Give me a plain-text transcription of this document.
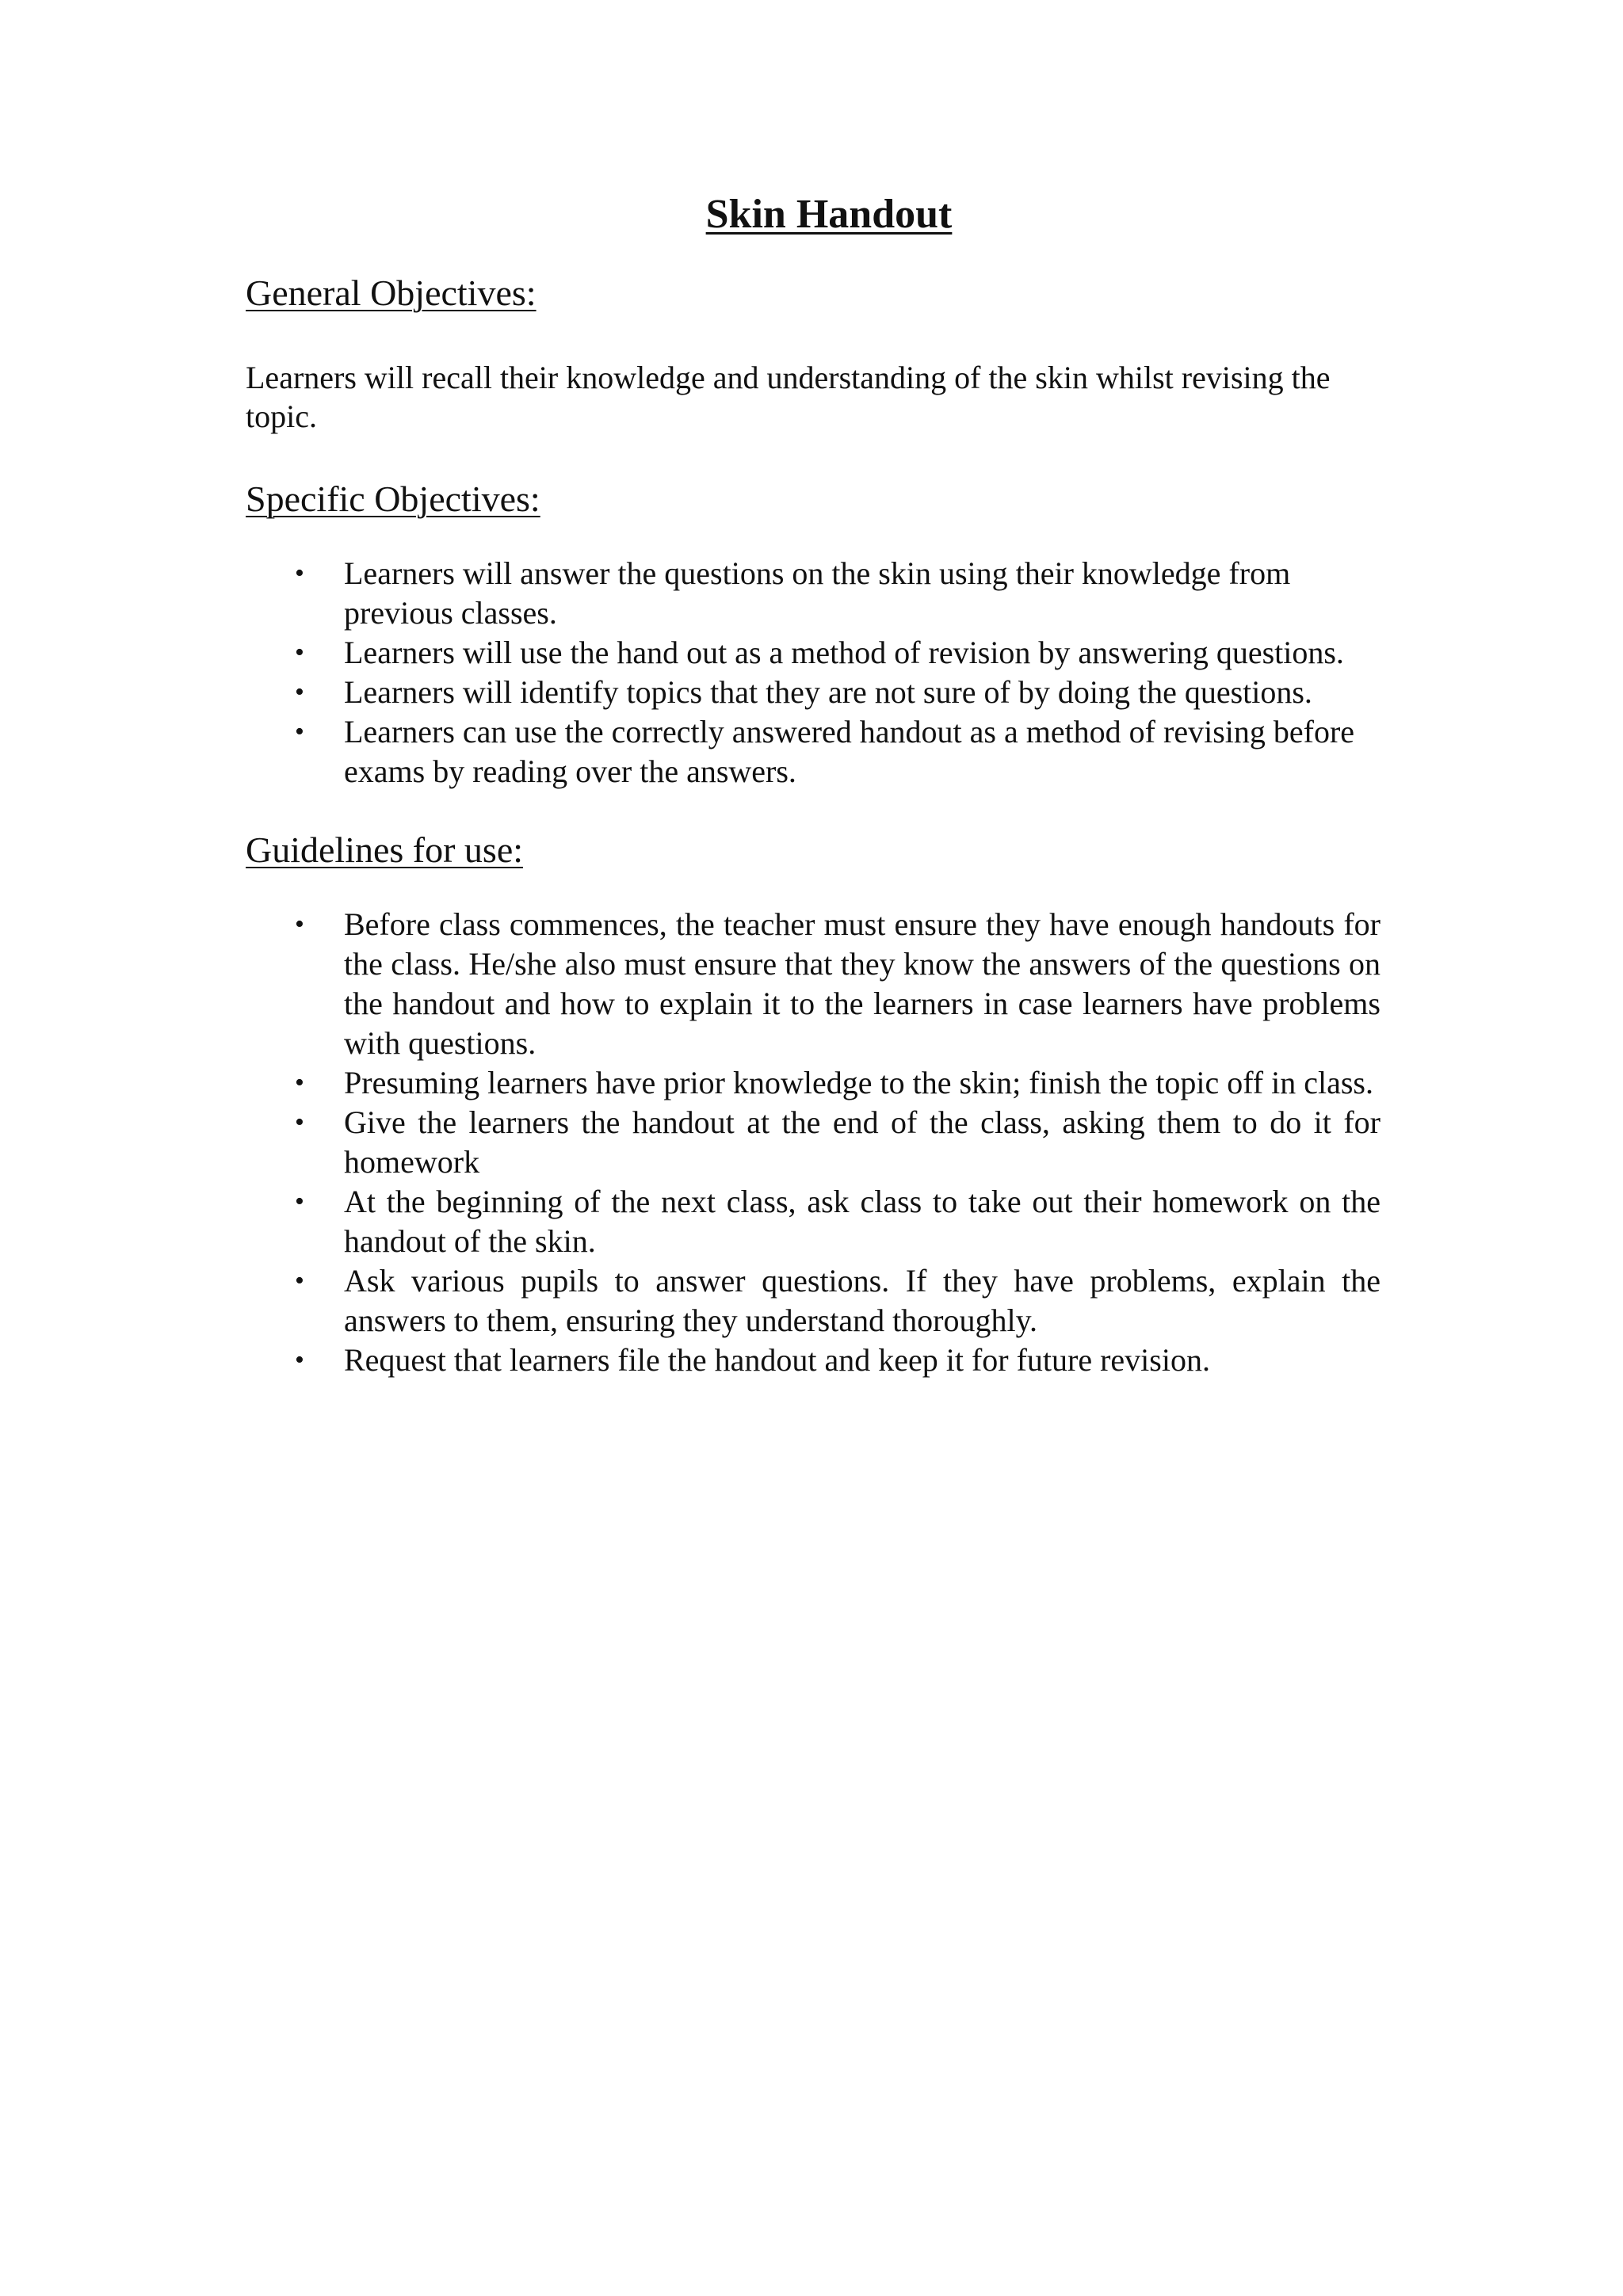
Skin Handout
General Objectives:

Learners will recall their knowledge and understanding of the skin whilst revising the topic.

Specific Objectives:
• Learners will answer the questions on the skin using their knowledge from previous classes.
• Learners will use the hand out as a method of revision by answering questions.
• Learners will identify topics that they are not sure of by doing the questions.
• Learners can use the correctly answered handout as a method of revising before exams by reading over the answers.
Guidelines for use:
• Before class commences, the teacher must ensure they have enough handouts for the class. He/she also must ensure that they know the answers of the questions on the handout and how to explain it to the learners in case learners have problems with questions.
• Presuming learners have prior knowledge to the skin; finish the topic off in class.
• Give the learners the handout at the end of the class, asking them to do it for homework
• At the beginning of the next class, ask class to take out their homework on the handout of the skin.
• Ask various pupils to answer questions. If they have problems, explain the answers to them, ensuring they understand thoroughly.
• Request that learners file the handout and keep it for future revision.
